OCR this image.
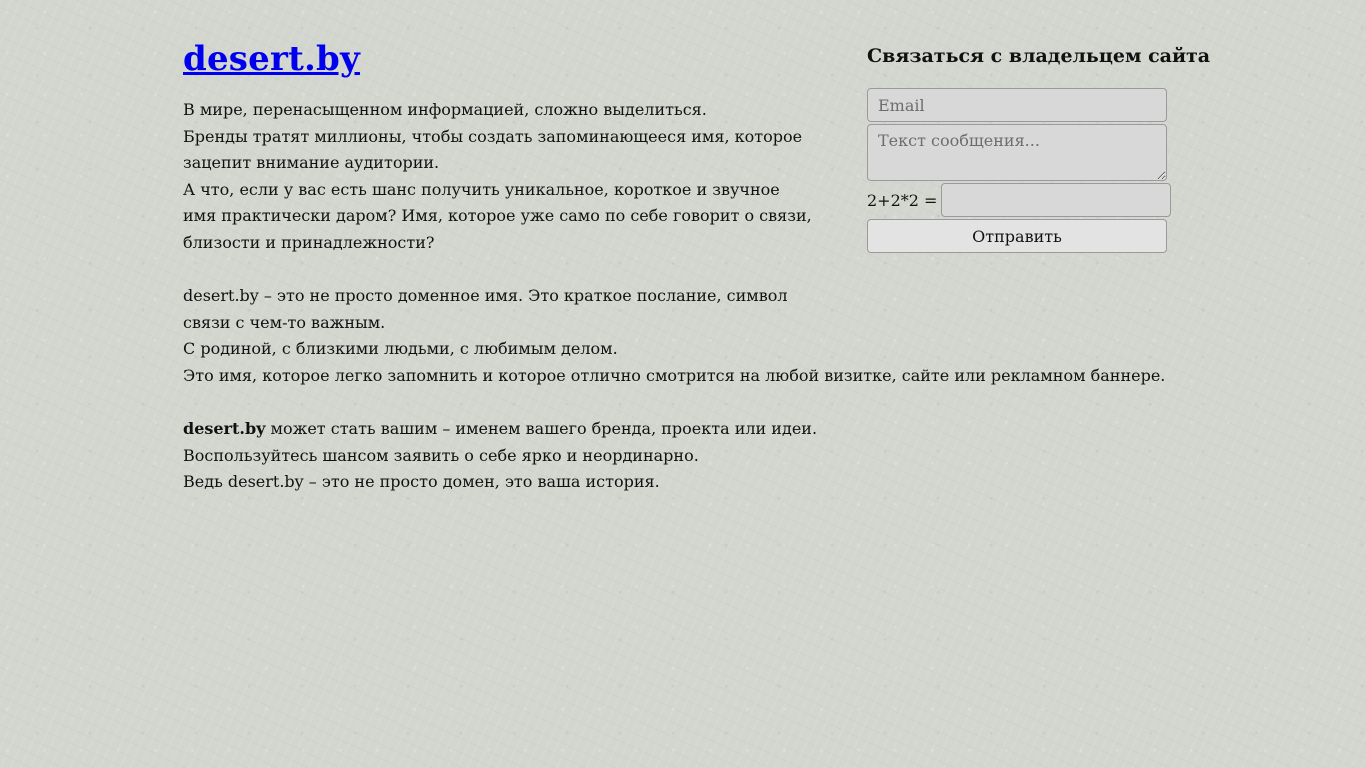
desert.by
В мире, перенасыщенном информацией, сложно выделиться.
Бренды тратят миллионы, чтобы создать запоминающееся имя, которое зацепит внимание аудитории.
А что, если у вас есть шанс получить уникальное, короткое и звучное имя практически даром? Имя, которое уже само по себе говорит о связи, близости и принадлежности?
desert.by – это не просто доменное имя. Это краткое послание, символ связи с чем-то важным.
С родиной, с близкими людьми, с любимым делом.
Это имя, которое легко запомнить и которое отлично смотрится на любой визитке, сайте или рекламном баннере.
desert.by может стать вашим – именем вашего бренда, проекта или идеи.
Воспользуйтесь шансом заявить о себе ярко и неординарно.
Ведь desert.by – это не просто домен, это ваша история.
Связаться с владельцем сайта
Email
Текст сообщения...
2+2*2 =
Отправить
